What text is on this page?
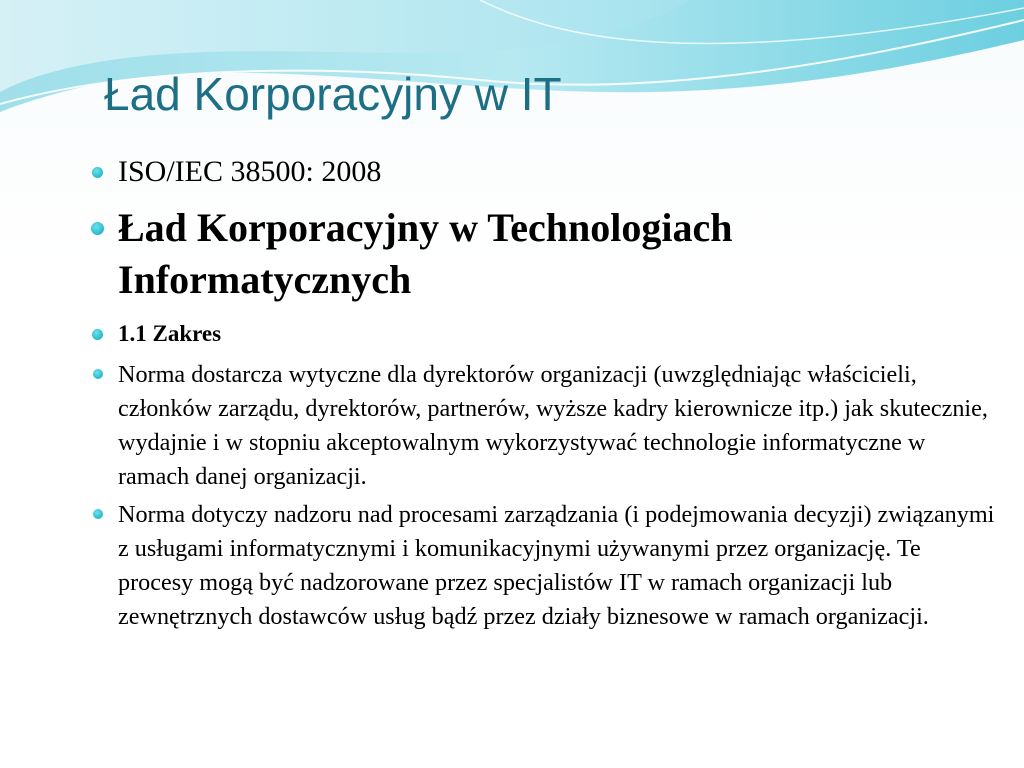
Ład Korporacyjny w IT
ISO/IEC 38500: 2008
Ład Korporacyjny w Technologiach Informatycznych
1.1 Zakres
Norma dostarcza wytyczne dla dyrektorów organizacji (uwzględniając właścicieli, członków zarządu, dyrektorów, partnerów, wyższe kadry kierownicze itp.) jak skutecznie, wydajnie i w stopniu akceptowalnym wykorzystywać technologie informatyczne w ramach danej organizacji.
Norma dotyczy nadzoru nad procesami zarządzania (i podejmowania decyzji) związanymi z usługami informatycznymi i komunikacyjnymi używanymi przez organizację. Te procesy mogą być nadzorowane przez specjalistów IT w ramach organizacji lub zewnętrznych dostawców usług bądź przez działy biznesowe w ramach organizacji.
